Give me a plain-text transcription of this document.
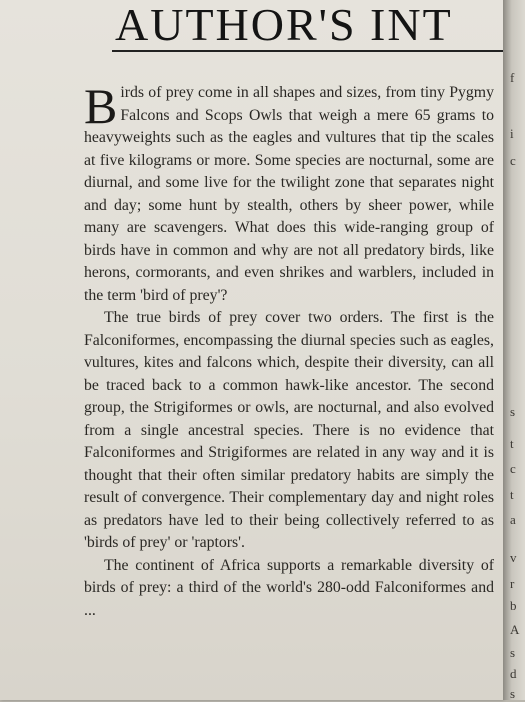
AUTHOR'S INT

Birds of prey come in all shapes and sizes, from tiny Pygmy Falcons and Scops Owls that weigh a mere 65 grams to heavyweights such as the eagles and vultures that tip the scales at five kilograms or more. Some species are nocturnal, some are diurnal, and some live for the twilight zone that separates night and day; some hunt by stealth, others by sheer power, while many are scavengers. What does this wide-ranging group of birds have in common and why are not all predatory birds, like herons, cormorants, and even shrikes and warblers, included in the term 'bird of prey'?

The true birds of prey cover two orders. The first is the Falconiformes, encompassing the diurnal species such as eagles, vultures, kites and falcons which, despite their diversity, can all be traced back to a common hawk-like ancestor. The second group, the Strigiformes or owls, are nocturnal, and also evolved from a single ancestral species. There is no evidence that Falconiformes and Strigiformes are related in any way and it is thought that their often similar predatory habits are simply the result of convergence. Their complementary day and night roles as predators have led to their being collectively referred to as 'birds of prey' or 'raptors'.

The continent of Africa supports a remarkable diversity of birds of prey: a third of the world's 280-odd Falconiformes and ...

f
i
c
s
t
c
t
a
v
r
b
A
s
d
s
